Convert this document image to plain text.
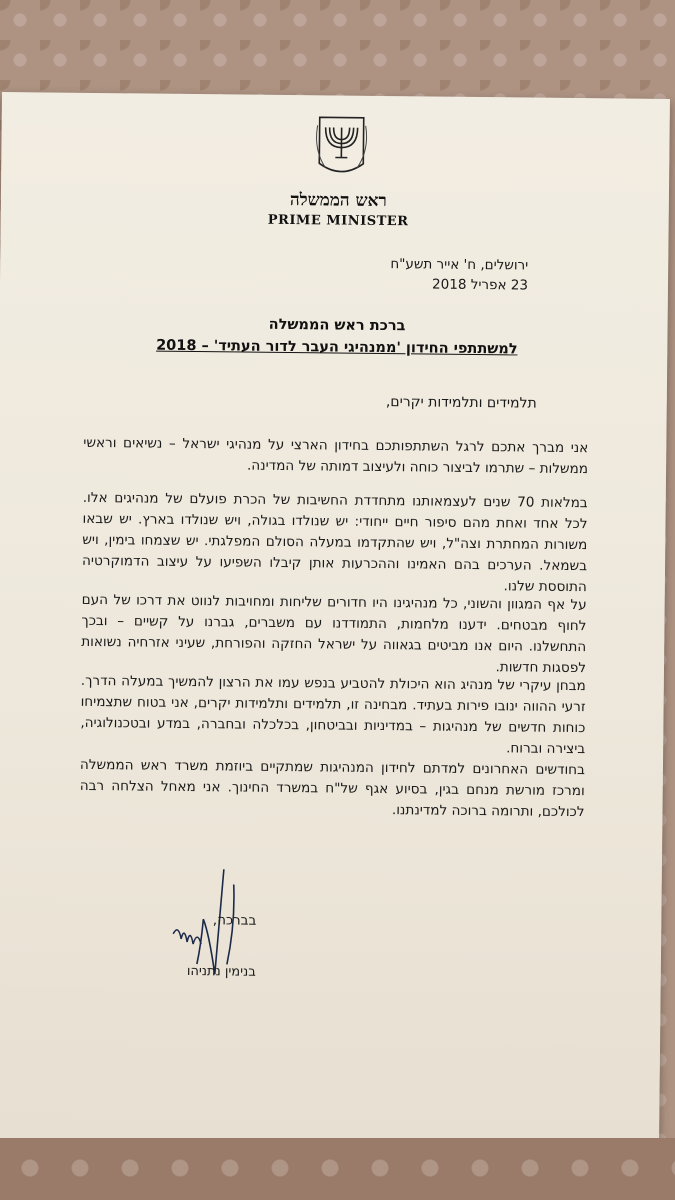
ראש הממשלה
PRIME MINISTER
ירושלים, ח' אייר תשע"ח
23 אפריל 2018
ברכת ראש הממשלה
למשתתפי החידון 'ממנהיגי העבר לדור העתיד' – 2018
תלמידים ותלמידות יקרים,
אני מברך אתכם לרגל השתתפותכם בחידון הארצי על מנהיגי ישראל – נשיאים וראשי ממשלות – שתרמו לביצור כוחה ולעיצוב דמותה של המדינה.
במלאות 70 שנים לעצמאותנו מתחדדת החשיבות של הכרת פועלם של מנהיגים אלו. לכל אחד ואחת מהם סיפור חיים ייחודי: יש שנולדו בגולה, ויש שנולדו בארץ. יש שבאו משורות המחתרת וצה"ל, ויש שהתקדמו במעלה הסולם המפלגתי. יש שצמחו בימין, ויש בשמאל. הערכים בהם האמינו וההכרעות אותן קיבלו השפיעו על עיצוב הדמוקרטיה התוססת שלנו.
על אף המגוון והשוני, כל מנהיגינו היו חדורים שליחות ומחויבות לנווט את דרכו של העם לחוף מבטחים. ידענו מלחמות, התמודדנו עם משברים, גברנו על קשיים – ובכך התחשלנו. היום אנו מביטים בגאווה על ישראל החזקה והפורחת, שעיני אזרחיה נשואות לפסגות חדשות.
מבחן עיקרי של מנהיג הוא היכולת להטביע בנפש עמו את הרצון להמשיך במעלה הדרך. זרעי ההווה ינובו פירות בעתיד. מבחינה זו, תלמידים ותלמידות יקרים, אני בטוח שתצמיחו כוחות חדשים של מנהיגות – במדיניות ובביטחון, בכלכלה ובחברה, במדע ובטכנולוגיה, ביצירה וברוח.
בחודשים האחרונים למדתם לחידון המנהיגות שמתקיים ביוזמת משרד ראש הממשלה ומרכז מורשת מנחם בגין, בסיוע אגף של"ח במשרד החינוך. אני מאחל הצלחה רבה לכולכם, ותרומה ברוכה למדינתנו.
בברכה,
בנימין נתניהו
